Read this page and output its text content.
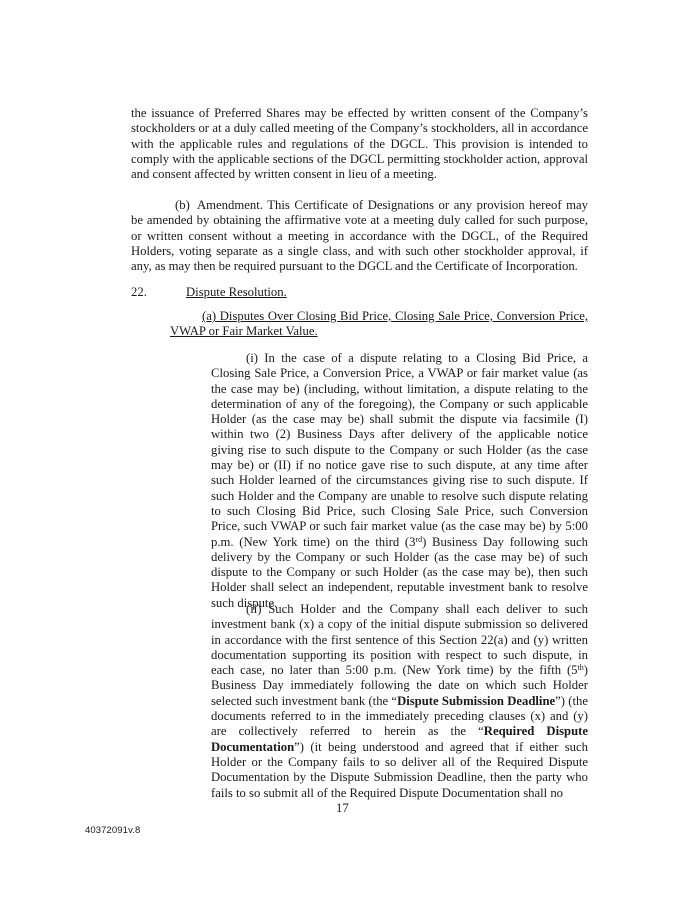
the issuance of Preferred Shares may be effected by written consent of the Company’s stockholders or at a duly called meeting of the Company’s stockholders, all in accordance with the applicable rules and regulations of the DGCL. This provision is intended to comply with the applicable sections of the DGCL permitting stockholder action, approval and consent affected by written consent in lieu of a meeting.

(b) Amendment. This Certificate of Designations or any provision hereof may be amended by obtaining the affirmative vote at a meeting duly called for such purpose, or written consent without a meeting in accordance with the DGCL, of the Required Holders, voting separate as a single class, and with such other stockholder approval, if any, as may then be required pursuant to the DGCL and the Certificate of Incorporation.

22.	Dispute Resolution.

(a) Disputes Over Closing Bid Price, Closing Sale Price, Conversion Price, VWAP or Fair Market Value.

(i) In the case of a dispute relating to a Closing Bid Price, a Closing Sale Price, a Conversion Price, a VWAP or fair market value (as the case may be) (including, without limitation, a dispute relating to the determination of any of the foregoing), the Company or such applicable Holder (as the case may be) shall submit the dispute via facsimile (I) within two (2) Business Days after delivery of the applicable notice giving rise to such dispute to the Company or such Holder (as the case may be) or (II) if no notice gave rise to such dispute, at any time after such Holder learned of the circumstances giving rise to such dispute. If such Holder and the Company are unable to resolve such dispute relating to such Closing Bid Price, such Closing Sale Price, such Conversion Price, such VWAP or such fair market value (as the case may be) by 5:00 p.m. (New York time) on the third (3rd) Business Day following such delivery by the Company or such Holder (as the case may be) of such dispute to the Company or such Holder (as the case may be), then such Holder shall select an independent, reputable investment bank to resolve such dispute.

(ii) Such Holder and the Company shall each deliver to such investment bank (x) a copy of the initial dispute submission so delivered in accordance with the first sentence of this Section 22(a) and (y) written documentation supporting its position with respect to such dispute, in each case, no later than 5:00 p.m. (New York time) by the fifth (5th) Business Day immediately following the date on which such Holder selected such investment bank (the “Dispute Submission Deadline”) (the documents referred to in the immediately preceding clauses (x) and (y) are collectively referred to herein as the “Required Dispute Documentation”) (it being understood and agreed that if either such Holder or the Company fails to so deliver all of the Required Dispute Documentation by the Dispute Submission Deadline, then the party who fails to so submit all of the Required Dispute Documentation shall no

17
40372091v.8
